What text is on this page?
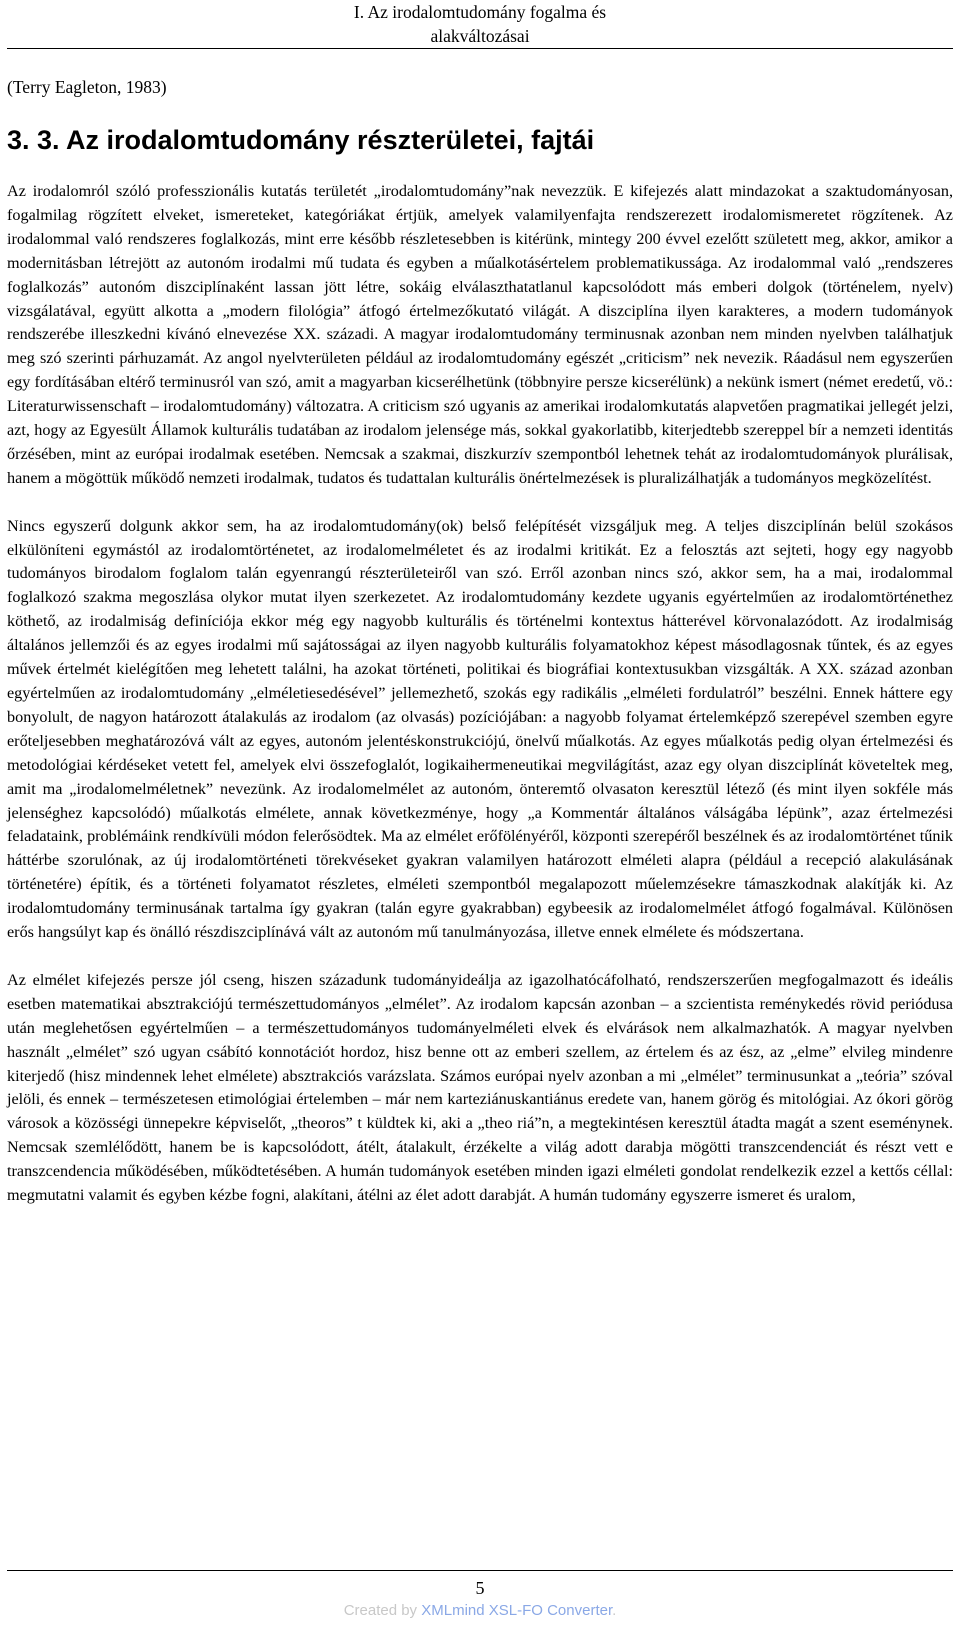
I. Az irodalomtudomány fogalma és
alakváltozásai
(Terry Eagleton, 1983)
3. 3. Az irodalomtudomány részterületei, fajtái

Az irodalomról szóló professzionális kutatás területét „irodalomtudomány”nak nevezzük. E kifejezés alatt mindazokat a szaktudományosan, fogalmilag rögzített elveket, ismereteket, kategóriákat értjük, amelyek valamilyenfajta rendszerezett irodalomismeretet rögzítenek. Az irodalommal való rendszeres foglalkozás, mint erre később részletesebben is kitérünk, mintegy 200 évvel ezelőtt született meg, akkor, amikor a modernitásban létrejött az autonóm irodalmi mű tudata és egyben a műalkotásértelem problematikussága. Az irodalommal való „rendszeres foglalkozás” autonóm diszciplínaként lassan jött létre, sokáig elválaszthatatlanul kapcsolódott más emberi dolgok (történelem, nyelv) vizsgálatával, együtt alkotta a „modern filológia” átfogó értelmezőkutató világát. A diszciplína ilyen karakteres, a modern tudományok rendszerébe illeszkedni kívánó elnevezése XX. századi. A magyar irodalomtudomány terminusnak azonban nem minden nyelvben találhatjuk meg szó szerinti párhuzamát. Az angol nyelvterületen például az irodalomtudomány egészét „criticism” nek nevezik. Ráadásul nem egyszerűen egy fordításában eltérő terminusról van szó, amit a magyarban kicserélhetünk (többnyire persze kicserélünk) a nekünk ismert (német eredetű, vö.: Literaturwissenschaft – irodalomtudomány) változatra. A criticism szó ugyanis az amerikai irodalomkutatás alapvetően pragmatikai jellegét jelzi, azt, hogy az Egyesült Államok kulturális tudatában az irodalom jelensége más, sokkal gyakorlatibb, kiterjedtebb szereppel bír a nemzeti identitás őrzésében, mint az európai irodalmak esetében. Nemcsak a szakmai, diszkurzív szempontból lehetnek tehát az irodalomtudományok plurálisak, hanem a mögöttük működő nemzeti irodalmak, tudatos és tudattalan kulturális önértelmezések is pluralizálhatják a tudományos megközelítést.

Nincs egyszerű dolgunk akkor sem, ha az irodalomtudomány(ok) belső felépítését vizsgáljuk meg. A teljes diszciplínán belül szokásos elkülöníteni egymástól az irodalomtörténetet, az irodalomelméletet és az irodalmi kritikát. Ez a felosztás azt sejteti, hogy egy nagyobb tudományos birodalom foglalom talán egyenrangú részterületeiről van szó. Erről azonban nincs szó, akkor sem, ha a mai, irodalommal foglalkozó szakma megoszlása olykor mutat ilyen szerkezetet. Az irodalomtudomány kezdete ugyanis egyértelműen az irodalomtörténethez köthető, az irodalmiság definíciója ekkor még egy nagyobb kulturális és történelmi kontextus hátterével körvonalazódott. Az irodalmiság általános jellemzői és az egyes irodalmi mű sajátosságai az ilyen nagyobb kulturális folyamatokhoz képest másodlagosnak tűntek, és az egyes művek értelmét kielégítően meg lehetett találni, ha azokat történeti, politikai és biográfiai kontextusukban vizsgálták. A XX. század azonban egyértelműen az irodalomtudomány „elméletiesedésével” jellemezhető, szokás egy radikális „elméleti fordulatról” beszélni. Ennek háttere egy bonyolult, de nagyon határozott átalakulás az irodalom (az olvasás) pozíciójában: a nagyobb folyamat értelemképző szerepével szemben egyre erőteljesebben meghatározóvá vált az egyes, autonóm jelentéskonstrukciójú, önelvű műalkotás. Az egyes műalkotás pedig olyan értelmezési és metodológiai kérdéseket vetett fel, amelyek elvi összefoglalót, logikaihermeneutikai megvilágítást, azaz egy olyan diszciplínát követeltek meg, amit ma „irodalomelméletnek” nevezünk. Az irodalomelmélet az autonóm, önteremtő olvasaton keresztül létező (és mint ilyen sokféle más jelenséghez kapcsolódó) műalkotás elmélete, annak következménye, hogy „a Kommentár általános válságába lépünk”, azaz értelmezési feladataink, problémáink rendkívüli módon felerősödtek. Ma az elmélet erőfölényéről, központi szerepéről beszélnek és az irodalomtörténet tűnik háttérbe szorulónak, az új irodalomtörténeti törekvéseket gyakran valamilyen határozott elméleti alapra (például a recepció alakulásának történetére) építik, és a történeti folyamatot részletes, elméleti szempontból megalapozott műelemzésekre támaszkodnak alakítják ki. Az irodalomtudomány terminusának tartalma így gyakran (talán egyre gyakrabban) egybeesik az irodalomelmélet átfogó fogalmával. Különösen erős hangsúlyt kap és önálló részdiszciplínává vált az autonóm mű tanulmányozása, illetve ennek elmélete és módszertana.

Az elmélet kifejezés persze jól cseng, hiszen századunk tudományideálja az igazolhatócáfolható, rendszerszerűen megfogalmazott és ideális esetben matematikai absztrakciójú természettudományos „elmélet”. Az irodalom kapcsán azonban – a szcientista reménykedés rövid periódusa után meglehetősen egyértelműen – a természettudományos tudományelméleti elvek és elvárások nem alkalmazhatók. A magyar nyelvben használt „elmélet” szó ugyan csábító konnotációt hordoz, hisz benne ott az emberi szellem, az értelem és az ész, az „elme” elvileg mindenre kiterjedő (hisz mindennek lehet elmélete) absztrakciós varázslata. Számos európai nyelv azonban a mi „elmélet” terminusunkat a „teória” szóval jelöli, és ennek – természetesen etimológiai értelemben – már nem karteziánuskantiánus eredete van, hanem görög és mitológiai. Az ókori görög városok a közösségi ünnepekre képviselőt, „theoros” t küldtek ki, aki a „theo riá”n, a megtekintésen keresztül átadta magát a szent eseménynek. Nemcsak szemlélődött, hanem be is kapcsolódott, átélt, átalakult, érzékelte a világ adott darabja mögötti transzcendenciát és részt vett e transzcendencia működésében, működtetésében. A humán tudományok esetében minden igazi elméleti gondolat rendelkezik ezzel a kettős céllal: megmutatni valamit és egyben kézbe fogni, alakítani, átélni az élet adott darabját. A humán tudomány egyszerre ismeret és uralom,

5
Created by XMLmind XSL-FO Converter.
